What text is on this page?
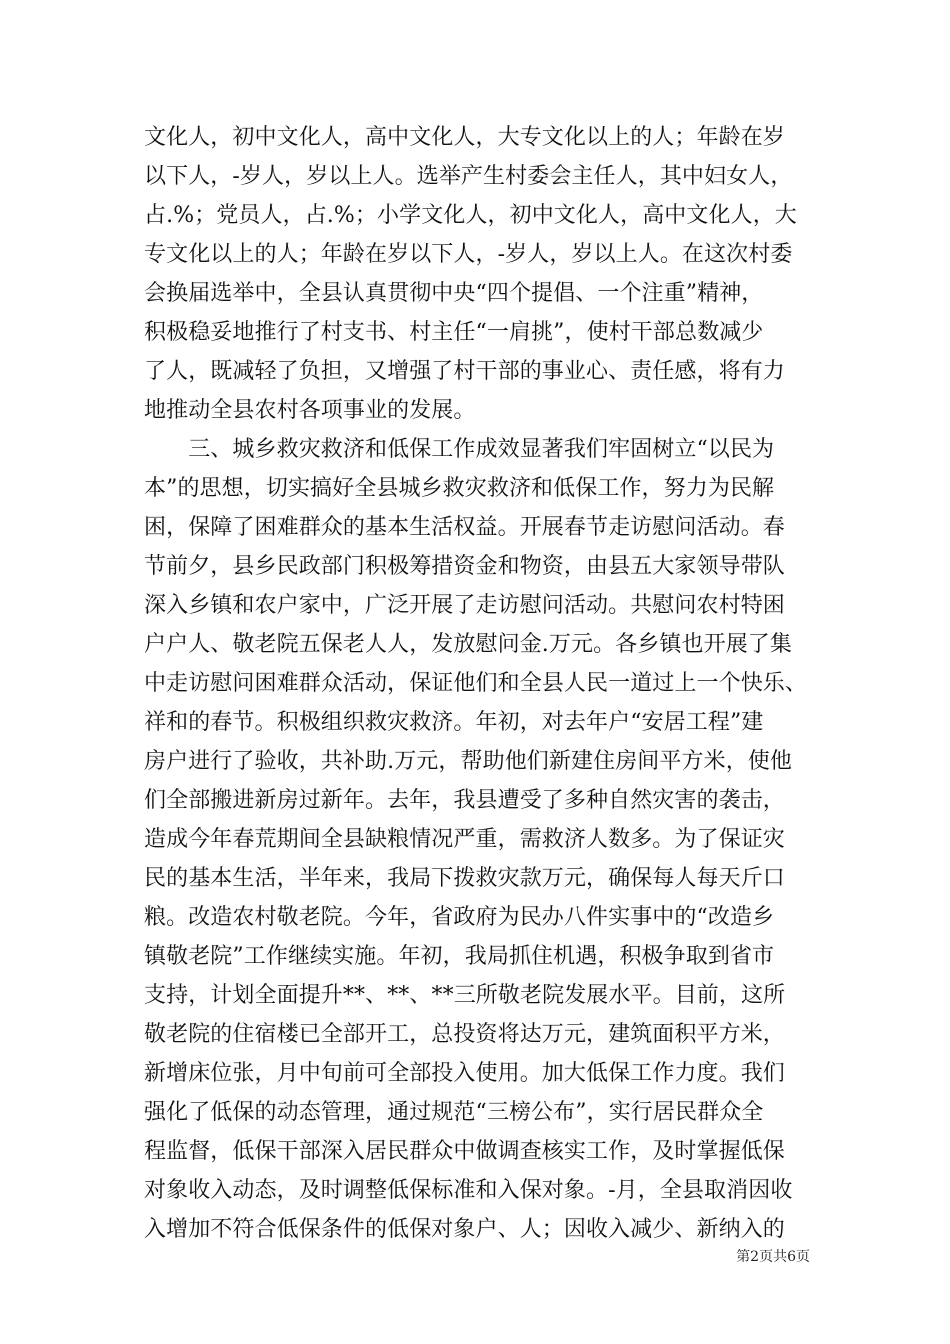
文化人，初中文化人，高中文化人，大专文化以上的人；年龄在岁
以下人，-岁人，岁以上人。选举产生村委会主任人，其中妇女人，
占.%；党员人，占.%；小学文化人，初中文化人，高中文化人，大
专文化以上的人；年龄在岁以下人，-岁人，岁以上人。在这次村委
会换届选举中，全县认真贯彻中央“四个提倡、一个注重”精神，
积极稳妥地推行了村支书、村主任“一肩挑”，使村干部总数减少
了人，既减轻了负担，又增强了村干部的事业心、责任感，将有力
地推动全县农村各项事业的发展。
　　三、城乡救灾救济和低保工作成效显著我们牢固树立“以民为
本”的思想，切实搞好全县城乡救灾救济和低保工作，努力为民解
困，保障了困难群众的基本生活权益。开展春节走访慰问活动。春
节前夕，县乡民政部门积极筹措资金和物资，由县五大家领导带队
深入乡镇和农户家中，广泛开展了走访慰问活动。共慰问农村特困
户户人、敬老院五保老人人，发放慰问金.万元。各乡镇也开展了集
中走访慰问困难群众活动，保证他们和全县人民一道过上一个快乐、
祥和的春节。积极组织救灾救济。年初，对去年户“安居工程”建
房户进行了验收，共补助.万元，帮助他们新建住房间平方米，使他
们全部搬进新房过新年。去年，我县遭受了多种自然灾害的袭击，
造成今年春荒期间全县缺粮情况严重，需救济人数多。为了保证灾
民的基本生活，半年来，我局下拨救灾款万元，确保每人每天斤口
粮。改造农村敬老院。今年，省政府为民办八件实事中的“改造乡
镇敬老院”工作继续实施。年初，我局抓住机遇，积极争取到省市
支持，计划全面提升**、**、**三所敬老院发展水平。目前，这所
敬老院的住宿楼已全部开工，总投资将达万元，建筑面积平方米，
新增床位张，月中旬前可全部投入使用。加大低保工作力度。我们
强化了低保的动态管理，通过规范“三榜公布”，实行居民群众全
程监督，低保干部深入居民群众中做调查核实工作，及时掌握低保
对象收入动态，及时调整低保标准和入保对象。-月，全县取消因收
入增加不符合低保条件的低保对象户、人；因收入减少、新纳入的
第2页共6页
